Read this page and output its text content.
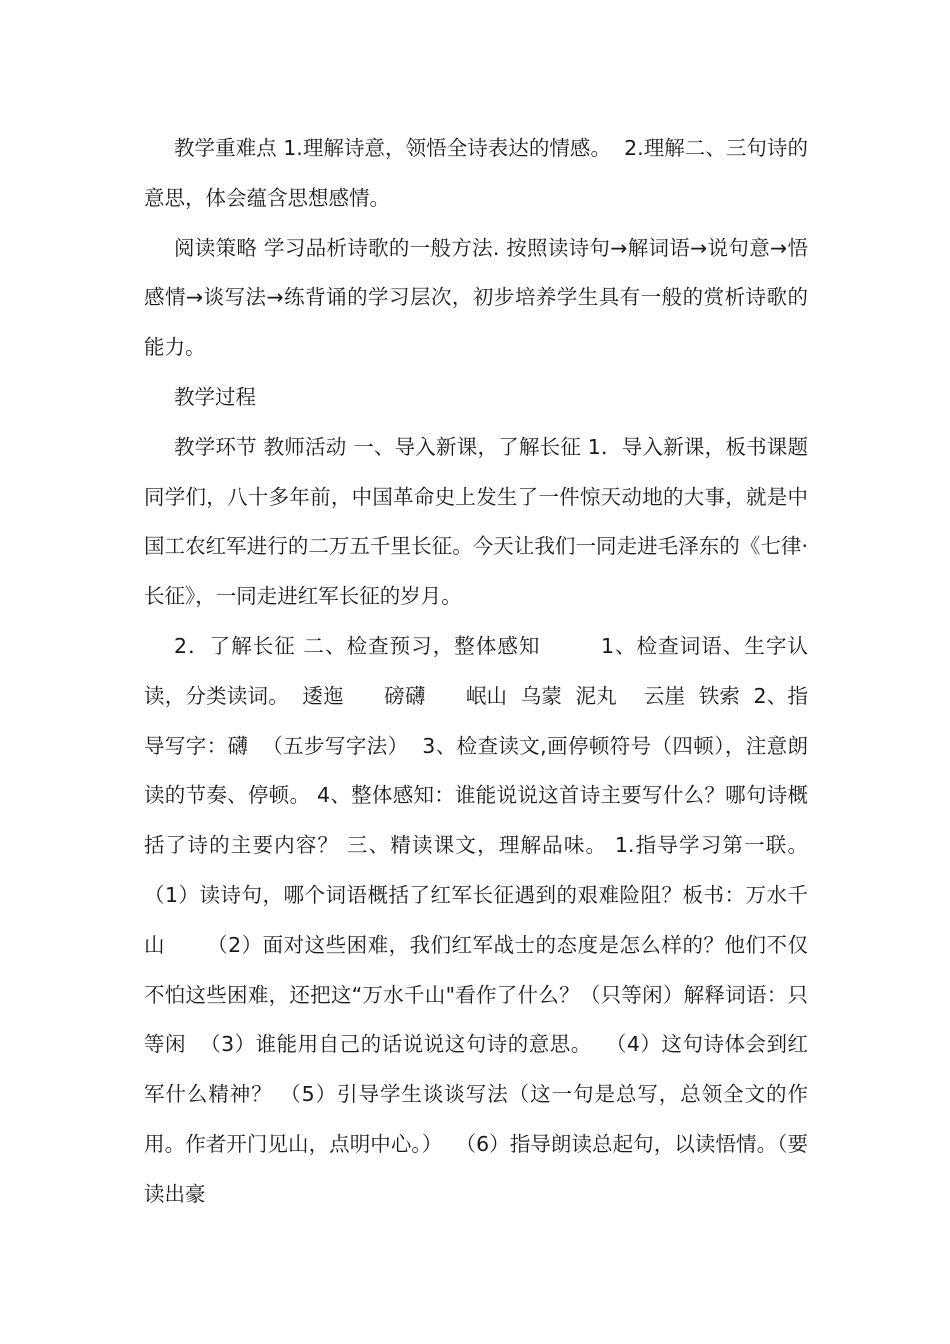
教学重难点 1.理解诗意，领悟全诗表达的情感。  2.理解二、三句诗的意思，体会蕴含思想感情。

阅读策略 学习品析诗歌的一般方法. 按照读诗句→解词语→说句意→悟感情→谈写法→练背诵的学习层次，初步培养学生具有一般的赏析诗歌的能力。

教学过程

教学环节 教师活动 一、导入新课，了解长征 1．导入新课，板书课题 同学们，八十多年前，中国革命史上发生了一件惊天动地的大事，就是中国工农红军进行的二万五千里长征。今天让我们一同走进毛泽东的《七律·长征》，一同走进红军长征的岁月。

2．了解长征 二、检查预习，整体感知        1、检查词语、生字认读，分类读词。  逶迤      磅礴      岷山  乌蒙  泥丸    云崖  铁索  2、指导写字：礴  （五步写字法）  3、检查读文,画停顿符号（四顿），注意朗读的节奏、停顿。 4、整体感知：谁能说说这首诗主要写什么？哪句诗概括了诗的主要内容？ 三、精读课文，理解品味。 1.指导学习第一联。 （1）读诗句，哪个词语概括了红军长征遇到的艰难险阻？板书：万水千山      （2）面对这些困难，我们红军战士的态度是怎么样的？他们不仅不怕这些困难，还把这“万水千山"看作了什么？（只等闲）解释词语：只等闲  （3）谁能用自己的话说说这句诗的意思。  （4）这句诗体会到红军什么精神？ （5）引导学生谈谈写法（这一句是总写，总领全文的作用。作者开门见山，点明中心。）  （6）指导朗读总起句，以读悟情。（要读出豪
